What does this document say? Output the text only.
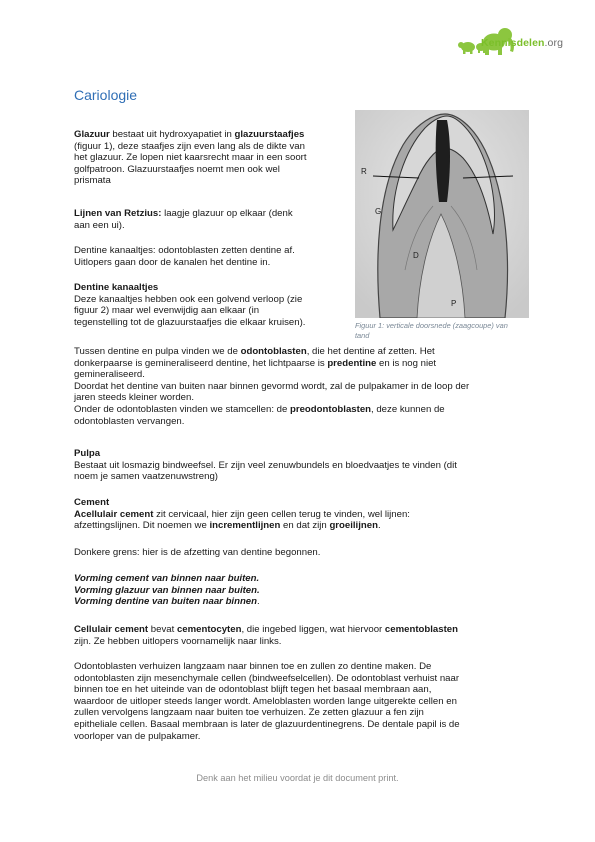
Kennisdelen.org
Cariologie

Glazuur bestaat uit hydroxyapatiet in glazuurstaafjes
(figuur 1), deze staafjes zijn even lang als de dikte van
het glazuur. Ze lopen niet kaarsrecht maar in een soort
golfpatroon. Glazuurstaafjes noemt men ook wel
prismata

Lijnen van Retzius: laagje glazuur op elkaar (denk
aan een ui).

Dentine kanaaltjes: odontoblasten zetten dentine af.
Uitlopers gaan door de kanalen het dentine in.

Dentine kanaaltjes
Deze kanaaltjes hebben ook een golvend verloop (zie
figuur 2) maar wel evenwijdig aan elkaar (in
tegenstelling tot de glazuurstaafjes die elkaar kruisen).

R
G
D
P
Figuur 1: verticale doorsnede (zaagcoupe) van
tand

Tussen dentine en pulpa vinden we de odontoblasten, die het dentine af zetten. Het
donkerpaarse is gemineraliseerd dentine, het lichtpaarse is predentine en is nog niet
gemineraliseerd.
Doordat het dentine van buiten naar binnen gevormd wordt, zal de pulpakamer in de loop der
jaren steeds kleiner worden.
Onder de odontoblasten vinden we stamcellen: de preodontoblasten, deze kunnen de
odontoblasten vervangen.

Pulpa
Bestaat uit losmazig bindweefsel. Er zijn veel zenuwbundels en bloedvaatjes te vinden (dit
noem je samen vaatzenuwstreng)

Cement
Acellulair cement zit cervicaal, hier zijn geen cellen terug te vinden, wel lijnen:
afzettingslijnen. Dit noemen we incrementlijnen en dat zijn groeilijnen.

Donkere grens: hier is de afzetting van dentine begonnen.

Vorming cement van binnen naar buiten.
Vorming glazuur van binnen naar buiten.
Vorming dentine van buiten naar binnen.

Cellulair cement bevat cementocyten, die ingebed liggen, wat hiervoor cementoblasten
zijn. Ze hebben uitlopers voornamelijk naar links.

Odontoblasten verhuizen langzaam naar binnen toe en zullen zo dentine maken. De
odontoblasten zijn mesenchymale cellen (bindweefselcellen). De odontoblast verhuist naar
binnen toe en het uiteinde van de odontoblast blijft tegen het basaal membraan aan,
waardoor de uitloper steeds langer wordt. Ameloblasten worden lange uitgerekte cellen en
zullen vervolgens langzaam naar buiten toe verhuizen. Ze zetten glazuur a fen zijn
epitheliale cellen. Basaal membraan is later de glazuurdentinegrens. De dentale papil is de
voorloper van de pulpakamer.

Denk aan het milieu voordat je dit document print.
